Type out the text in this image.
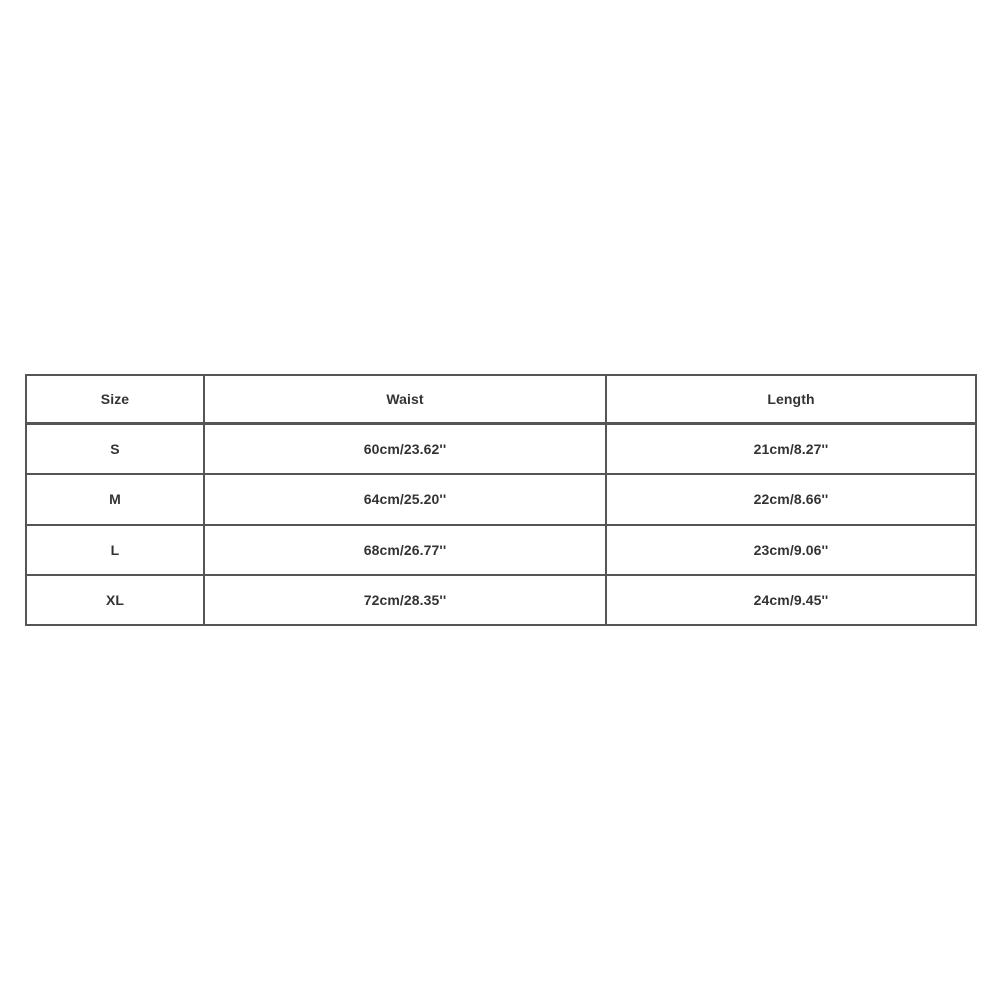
Size	Waist	Length
S	60cm/23.62''	21cm/8.27''
M	64cm/25.20''	22cm/8.66''
L	68cm/26.77''	23cm/9.06''
XL	72cm/28.35''	24cm/9.45''
